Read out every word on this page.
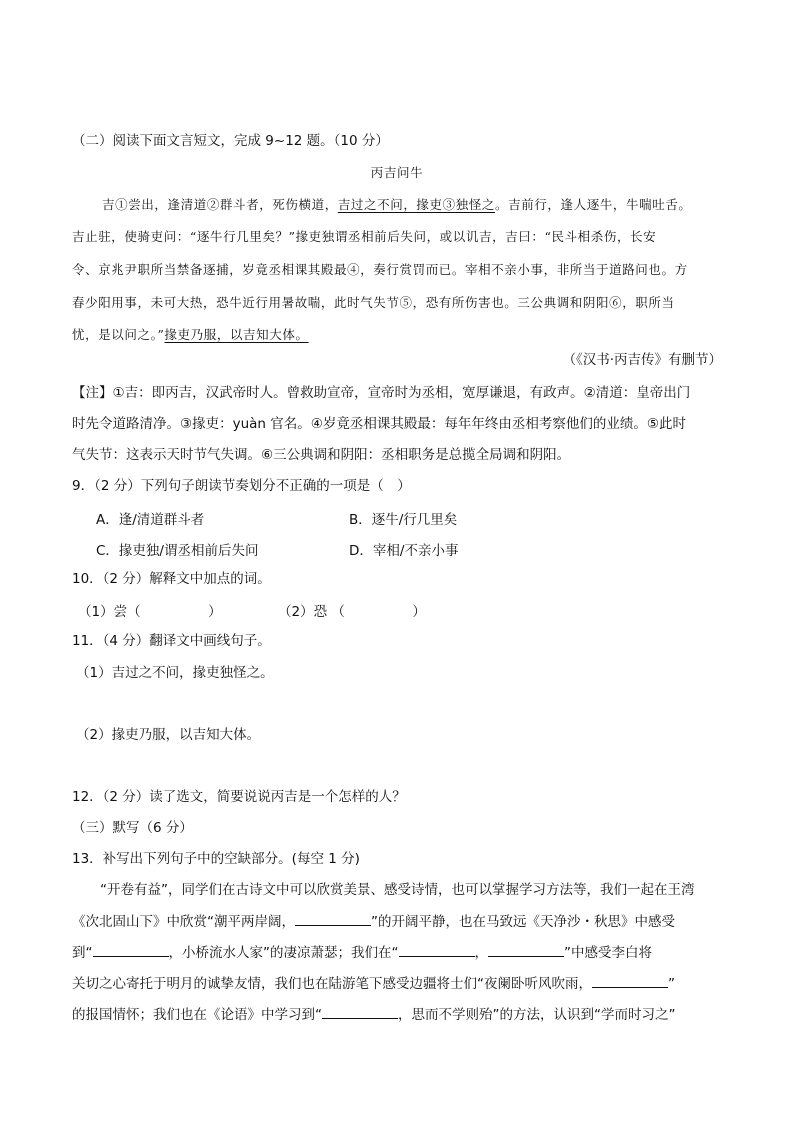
（二）阅读下面文言短文，完成 9~12 题。（10 分）
丙吉问牛
吉①尝出，逢清道②群斗者，死伤横道，吉过之不问，掾吏③独怪之。吉前行，逢人逐牛，牛喘吐舌。
吉止驻，使骑吏问：“逐牛行几里矣？”掾吏独谓丞相前后失问，或以讥吉，吉曰：“民斗相杀伤，长安
令、京兆尹职所当禁备逐捕，岁竟丞相课其殿最④，奏行赏罚而已。宰相不亲小事，非所当于道路问也。方
春少阳用事，未可大热，恐牛近行用暑故喘，此时气失节⑤，恐有所伤害也。三公典调和阴阳⑥，职所当
忧，是以问之。”掾吏乃服，以吉知大体。
（《汉书·丙吉传》有删节）
【注】①吉：即丙吉，汉武帝时人。曾救助宣帝，宣帝时为丞相，宽厚谦退，有政声。②清道：皇帝出门
时先令道路清净。③掾吏：yuàn 官名。④岁竟丞相课其殿最：每年年终由丞相考察他们的业绩。⑤此时
气失节：这表示天时节气失调。⑥三公典调和阴阳：丞相职务是总揽全局调和阴阳。
9．（2 分）下列句子朗读节奏划分不正确的一项是（　）
A．逢/清道群斗者	B．逐牛/行几里矣
C．掾吏独/谓丞相前后失问	D．宰相/不亲小事
10．（2 分）解释文中加点的词。
（1）尝（　　　　　）	（2）恐 （　　　　　）
11．（4 分）翻译文中画线句子。
（1）吉过之不问，掾吏独怪之。
（2）掾吏乃服，以吉知大体。
12．（2 分）读了选文，简要说说丙吉是一个怎样的人？
（三）默写（6 分）
13．补写出下列句子中的空缺部分。(每空 1 分)
“开卷有益”，同学们在古诗文中可以欣赏美景、感受诗情，也可以掌握学习方法等，我们一起在王湾
《次北固山下》中欣赏“潮平两岸阔，	”的开阔平静，也在马致远《天净沙・秋思》中感受
到“	，小桥流水人家”的凄凉萧瑟；我们在“	，	”中感受李白将
关切之心寄托于明月的诚挚友情，我们也在陆游笔下感受边疆将士们“夜阑卧听风吹雨，	”
的报国情怀；我们也在《论语》中学习到“	，思而不学则殆”的方法，认识到“学而时习之”
